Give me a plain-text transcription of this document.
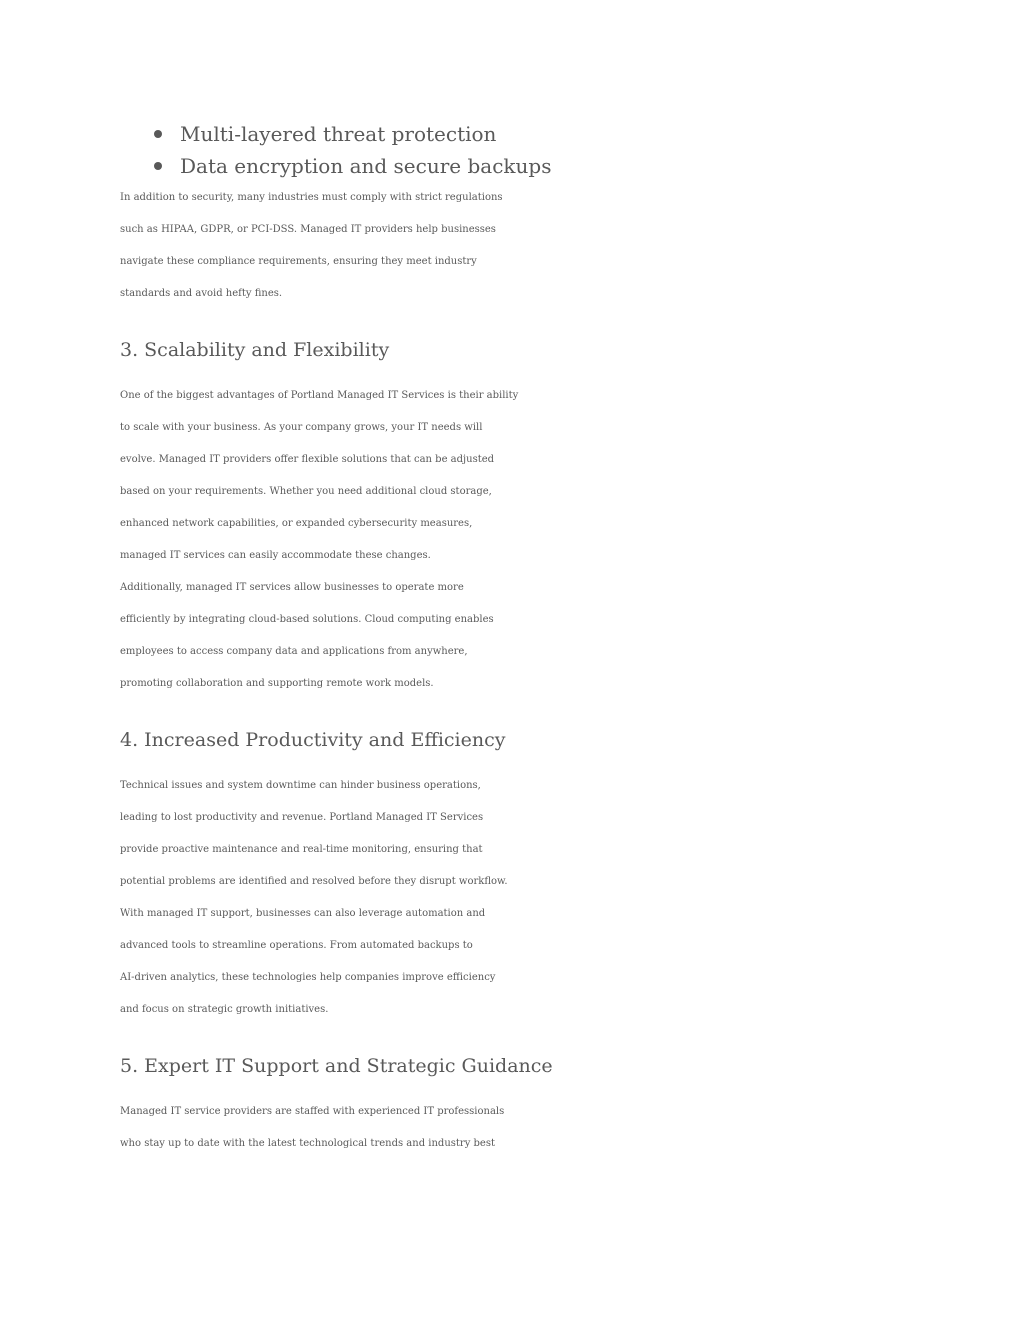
Multi-layered threat protection
Data encryption and secure backups

In addition to security, many industries must comply with strict regulations
such as HIPAA, GDPR, or PCI-DSS. Managed IT providers help businesses
navigate these compliance requirements, ensuring they meet industry
standards and avoid hefty fines.

3. Scalability and Flexibility

One of the biggest advantages of Portland Managed IT Services is their ability
to scale with your business. As your company grows, your IT needs will
evolve. Managed IT providers offer flexible solutions that can be adjusted
based on your requirements. Whether you need additional cloud storage,
enhanced network capabilities, or expanded cybersecurity measures,
managed IT services can easily accommodate these changes.

Additionally, managed IT services allow businesses to operate more
efficiently by integrating cloud-based solutions. Cloud computing enables
employees to access company data and applications from anywhere,
promoting collaboration and supporting remote work models.

4. Increased Productivity and Efficiency

Technical issues and system downtime can hinder business operations,
leading to lost productivity and revenue. Portland Managed IT Services
provide proactive maintenance and real-time monitoring, ensuring that
potential problems are identified and resolved before they disrupt workflow.

With managed IT support, businesses can also leverage automation and
advanced tools to streamline operations. From automated backups to
AI-driven analytics, these technologies help companies improve efficiency
and focus on strategic growth initiatives.

5. Expert IT Support and Strategic Guidance

Managed IT service providers are staffed with experienced IT professionals
who stay up to date with the latest technological trends and industry best
